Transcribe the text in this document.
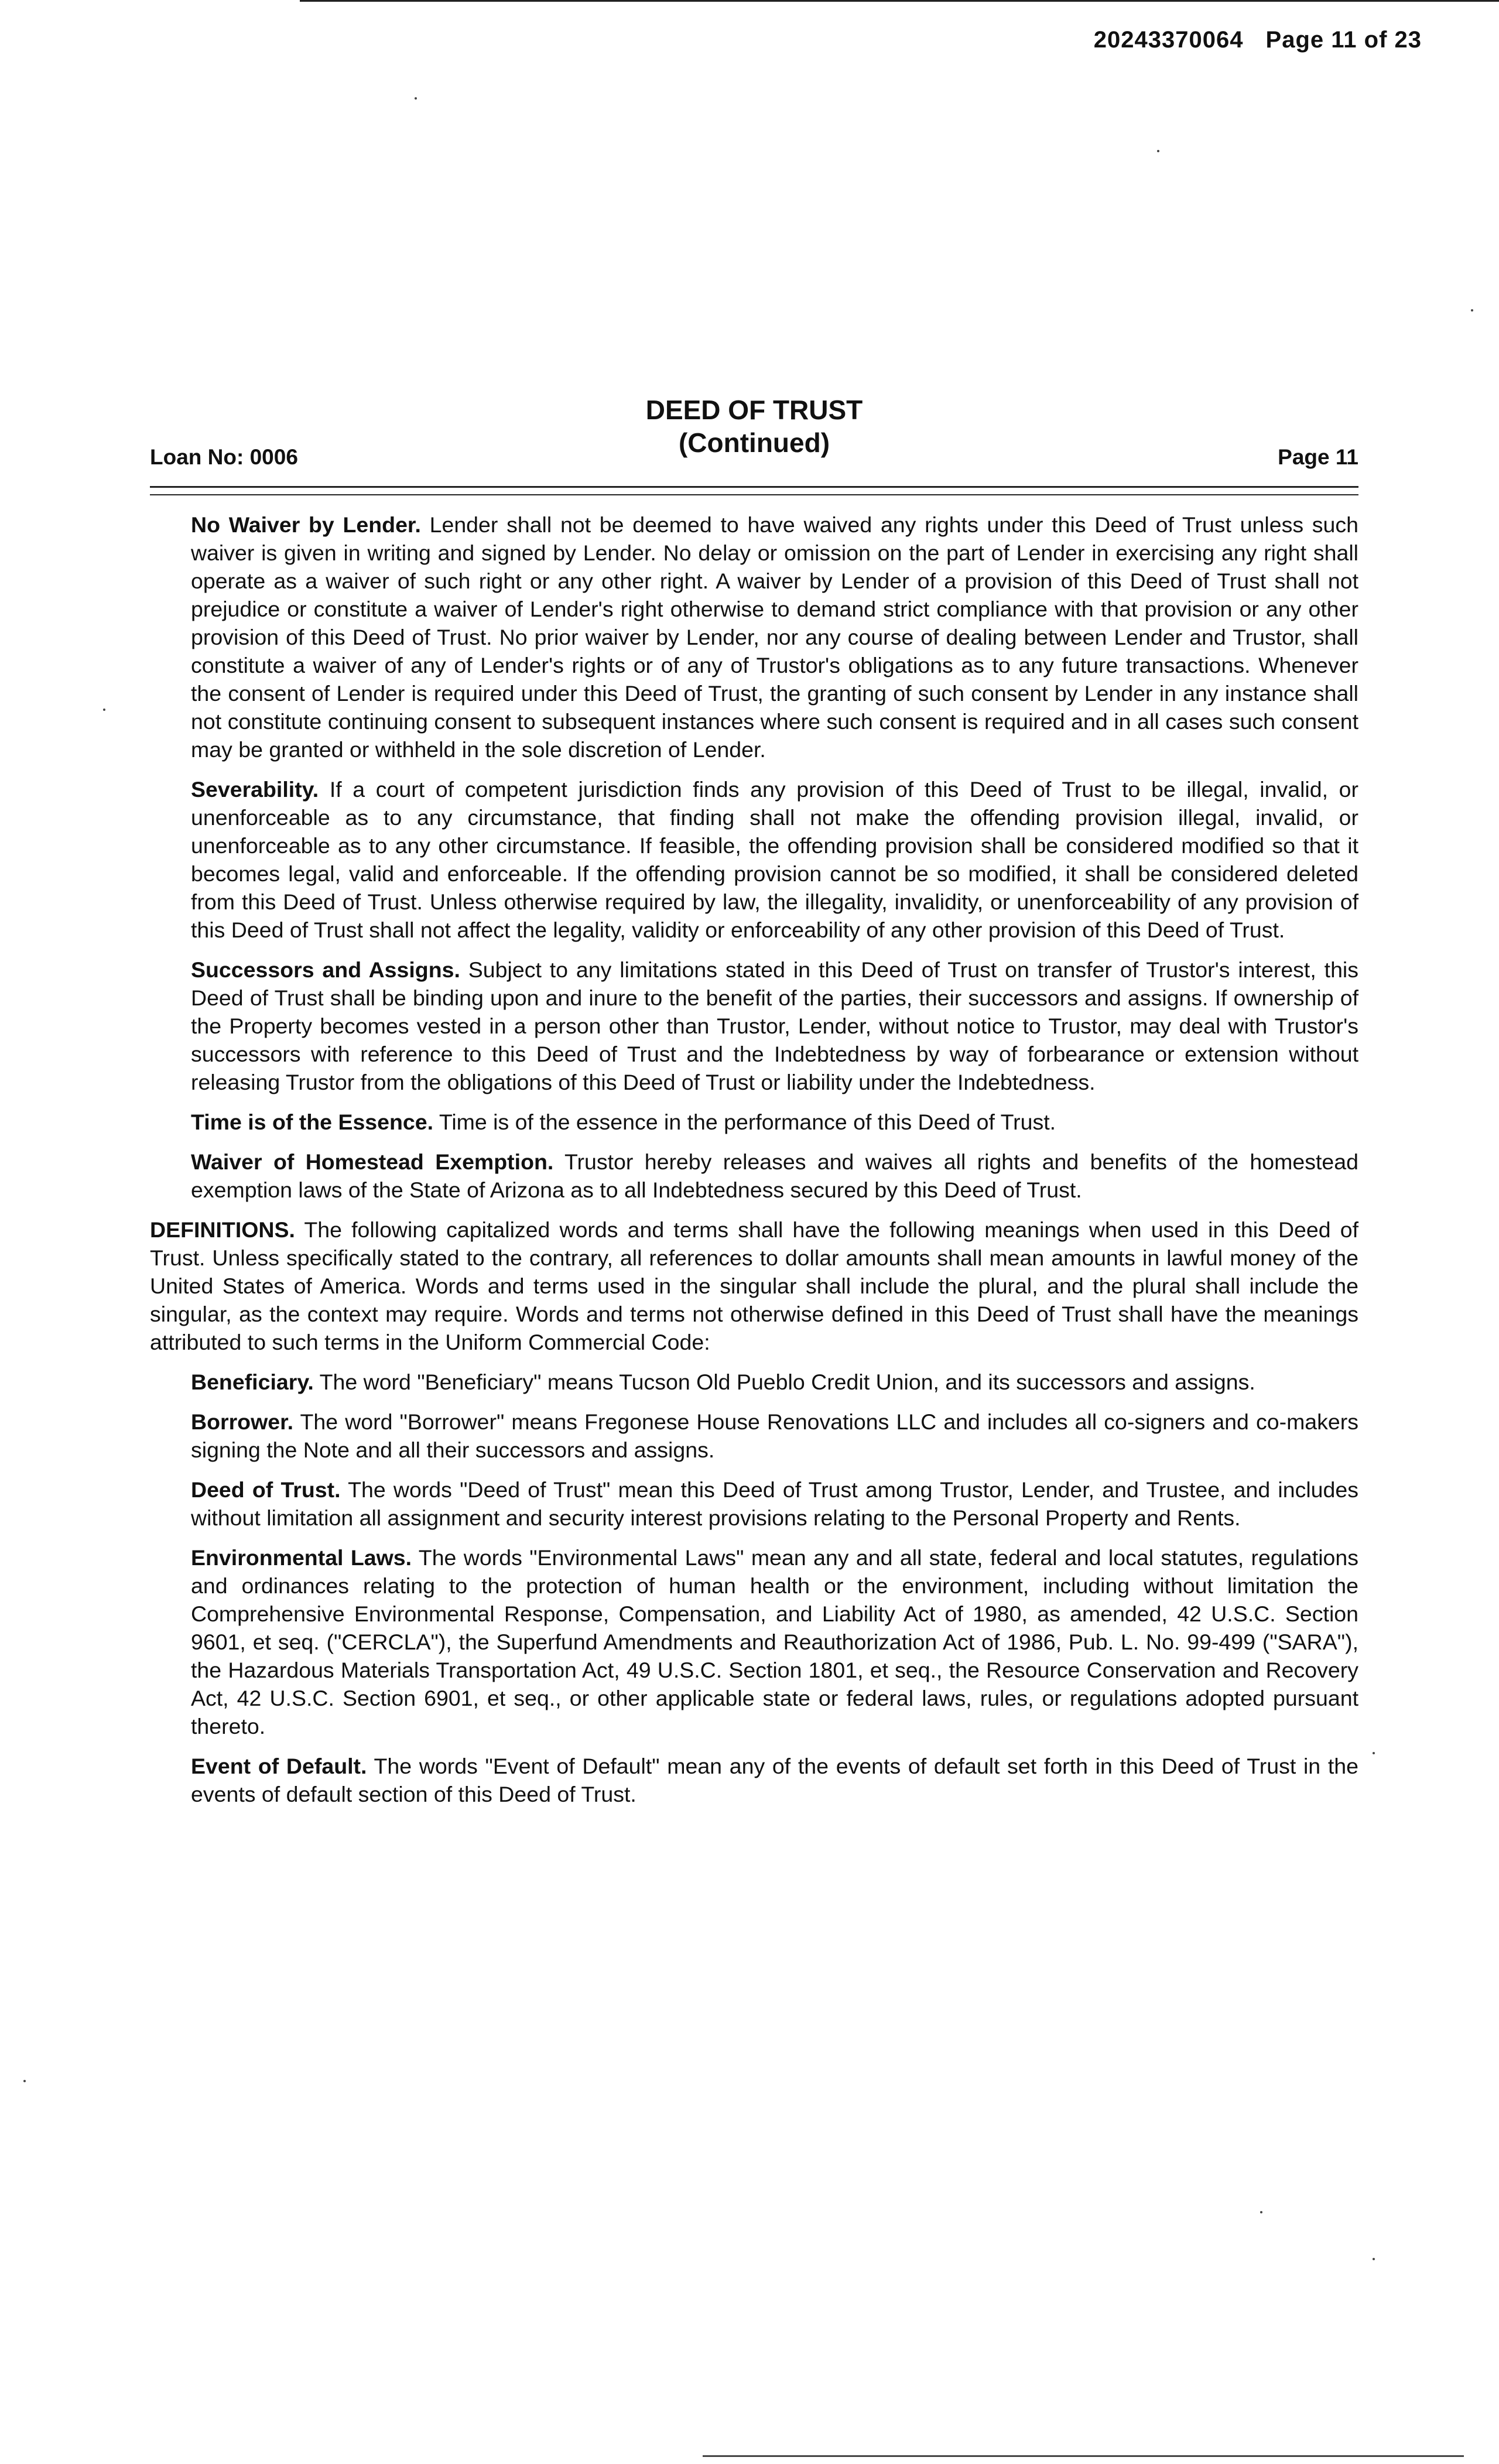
20243370064 Page 11 of 23
Loan No: 0006
DEED OF TRUST
(Continued)	Page 11

No Waiver by Lender. Lender shall not be deemed to have waived any rights under this Deed of Trust unless such waiver is given in writing and signed by Lender. No delay or omission on the part of Lender in exercising any right shall operate as a waiver of such right or any other right. A waiver by Lender of a provision of this Deed of Trust shall not prejudice or constitute a waiver of Lender's right otherwise to demand strict compliance with that provision or any other provision of this Deed of Trust. No prior waiver by Lender, nor any course of dealing between Lender and Trustor, shall constitute a waiver of any of Lender's rights or of any of Trustor's obligations as to any future transactions. Whenever the consent of Lender is required under this Deed of Trust, the granting of such consent by Lender in any instance shall not constitute continuing consent to subsequent instances where such consent is required and in all cases such consent may be granted or withheld in the sole discretion of Lender.

Severability. If a court of competent jurisdiction finds any provision of this Deed of Trust to be illegal, invalid, or unenforceable as to any circumstance, that finding shall not make the offending provision illegal, invalid, or unenforceable as to any other circumstance. If feasible, the offending provision shall be considered modified so that it becomes legal, valid and enforceable. If the offending provision cannot be so modified, it shall be considered deleted from this Deed of Trust. Unless otherwise required by law, the illegality, invalidity, or unenforceability of any provision of this Deed of Trust shall not affect the legality, validity or enforceability of any other provision of this Deed of Trust.

Successors and Assigns. Subject to any limitations stated in this Deed of Trust on transfer of Trustor's interest, this Deed of Trust shall be binding upon and inure to the benefit of the parties, their successors and assigns. If ownership of the Property becomes vested in a person other than Trustor, Lender, without notice to Trustor, may deal with Trustor's successors with reference to this Deed of Trust and the Indebtedness by way of forbearance or extension without releasing Trustor from the obligations of this Deed of Trust or liability under the Indebtedness.

Time is of the Essence. Time is of the essence in the performance of this Deed of Trust.

Waiver of Homestead Exemption. Trustor hereby releases and waives all rights and benefits of the homestead exemption laws of the State of Arizona as to all Indebtedness secured by this Deed of Trust.

DEFINITIONS. The following capitalized words and terms shall have the following meanings when used in this Deed of Trust. Unless specifically stated to the contrary, all references to dollar amounts shall mean amounts in lawful money of the United States of America. Words and terms used in the singular shall include the plural, and the plural shall include the singular, as the context may require. Words and terms not otherwise defined in this Deed of Trust shall have the meanings attributed to such terms in the Uniform Commercial Code:

Beneficiary. The word "Beneficiary" means Tucson Old Pueblo Credit Union, and its successors and assigns.

Borrower. The word "Borrower" means Fregonese House Renovations LLC and includes all co-signers and co-makers signing the Note and all their successors and assigns.

Deed of Trust. The words "Deed of Trust" mean this Deed of Trust among Trustor, Lender, and Trustee, and includes without limitation all assignment and security interest provisions relating to the Personal Property and Rents.

Environmental Laws. The words "Environmental Laws" mean any and all state, federal and local statutes, regulations and ordinances relating to the protection of human health or the environment, including without limitation the Comprehensive Environmental Response, Compensation, and Liability Act of 1980, as amended, 42 U.S.C. Section 9601, et seq. ("CERCLA"), the Superfund Amendments and Reauthorization Act of 1986, Pub. L. No. 99-499 ("SARA"), the Hazardous Materials Transportation Act, 49 U.S.C. Section 1801, et seq., the Resource Conservation and Recovery Act, 42 U.S.C. Section 6901, et seq., or other applicable state or federal laws, rules, or regulations adopted pursuant thereto.

Event of Default. The words "Event of Default" mean any of the events of default set forth in this Deed of Trust in the events of default section of this Deed of Trust.
